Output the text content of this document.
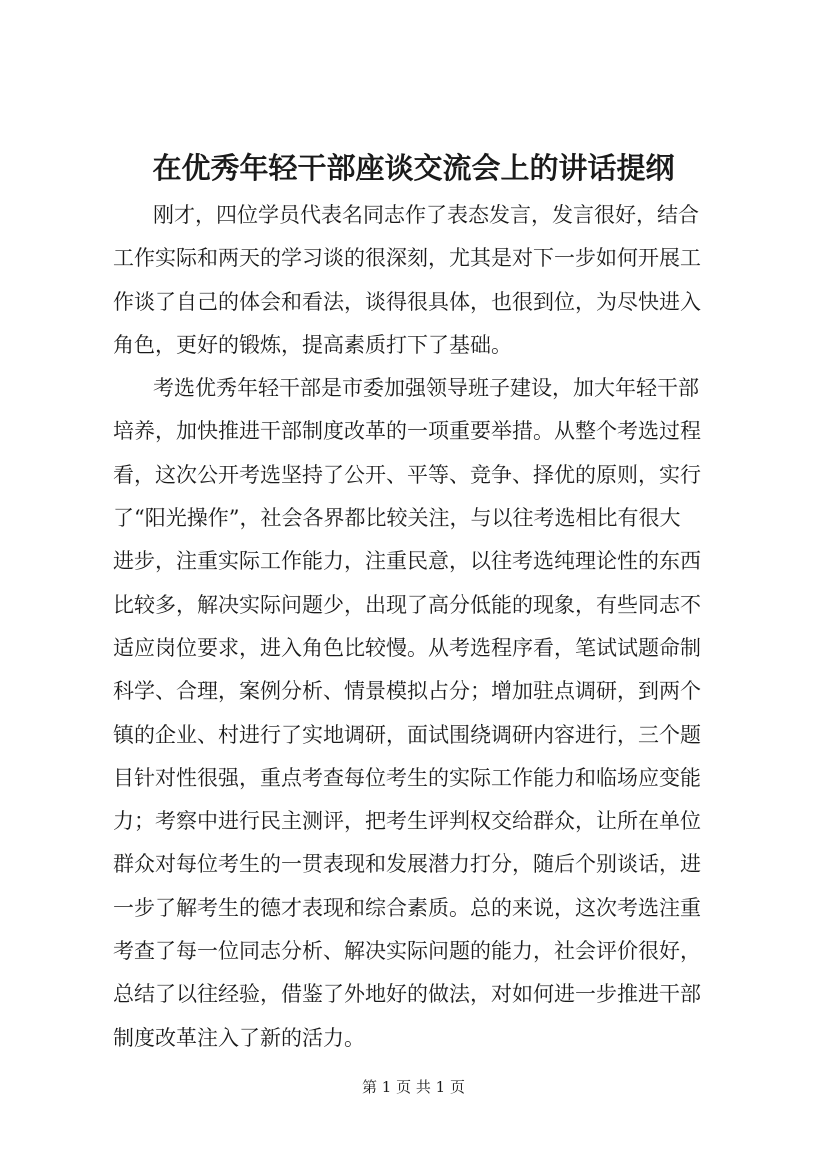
在优秀年轻干部座谈交流会上的讲话提纲
刚才，四位学员代表名同志作了表态发言，发言很好，结合
工作实际和两天的学习谈的很深刻，尤其是对下一步如何开展工
作谈了自己的体会和看法，谈得很具体，也很到位，为尽快进入
角色，更好的锻炼，提高素质打下了基础。
考选优秀年轻干部是市委加强领导班子建设，加大年轻干部
培养，加快推进干部制度改革的一项重要举措。从整个考选过程
看，这次公开考选坚持了公开、平等、竞争、择优的原则，实行
了“阳光操作”，社会各界都比较关注，与以往考选相比有很大
进步，注重实际工作能力，注重民意，以往考选纯理论性的东西
比较多，解决实际问题少，出现了高分低能的现象，有些同志不
适应岗位要求，进入角色比较慢。从考选程序看，笔试试题命制
科学、合理，案例分析、情景模拟占分；增加驻点调研，到两个
镇的企业、村进行了实地调研，面试围绕调研内容进行，三个题
目针对性很强，重点考查每位考生的实际工作能力和临场应变能
力；考察中进行民主测评，把考生评判权交给群众，让所在单位
群众对每位考生的一贯表现和发展潜力打分，随后个别谈话，进
一步了解考生的德才表现和综合素质。总的来说，这次考选注重
考查了每一位同志分析、解决实际问题的能力，社会评价很好，
总结了以往经验，借鉴了外地好的做法，对如何进一步推进干部
制度改革注入了新的活力。
第 1 页 共 1 页
